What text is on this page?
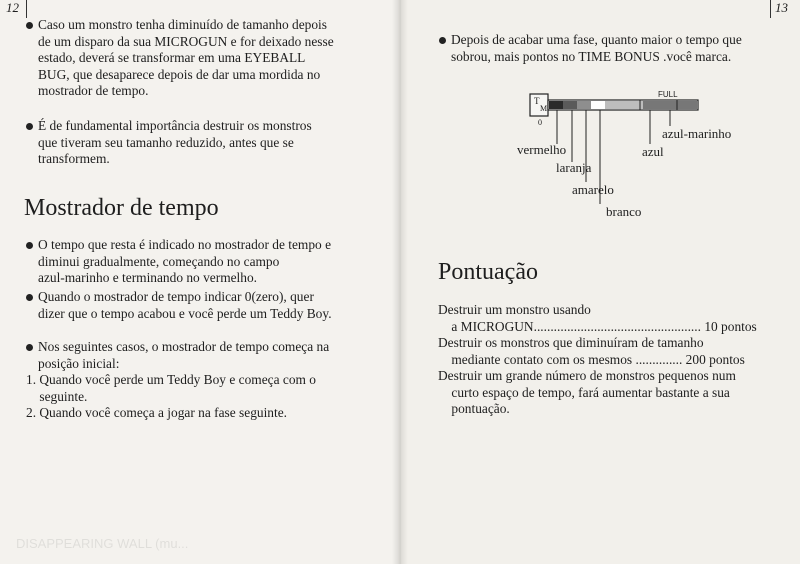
12	13
DISAPPEARING WALL (mu...
Caso um monstro tenha diminuído de tamanho depois
de um disparo da sua MICROGUN e for deixado nesse
estado, deverá se transformar em uma EYEBALL
BUG, que desaparece depois de dar uma mordida no
mostrador de tempo.
É de fundamental importância destruir os monstros
que tiveram seu tamanho reduzido, antes que se
transformem.
Mostrador de tempo
O tempo que resta é indicado no mostrador de tempo e
diminui gradualmente, começando no campo
azul-marinho e terminando no vermelho.
Quando o mostrador de tempo indicar 0(zero), quer
dizer que o tempo acabou e você perde um Teddy Boy.
Nos seguintes casos, o mostrador de tempo começa na
posição inicial:
1. Quando você perde um Teddy Boy e começa com o
seguinte.
2. Quando você começa a jogar na fase seguinte.
Depois de acabar uma fase, quanto maior o tempo que
sobrou, mais pontos no TIME BONUS .você marca.
T
M
FULL
0
vermelho
laranja
amarelo
branco
azul
azul-marinho
Pontuação
Destruir um monstro usando
a MICROGUN.................................................. 10 pontos
Destruir os monstros que diminuíram de tamanho
mediante contato com os mesmos .............. 200 pontos
Destruir um grande número de monstros pequenos num
curto espaço de tempo, fará aumentar bastante a sua
pontuação.
